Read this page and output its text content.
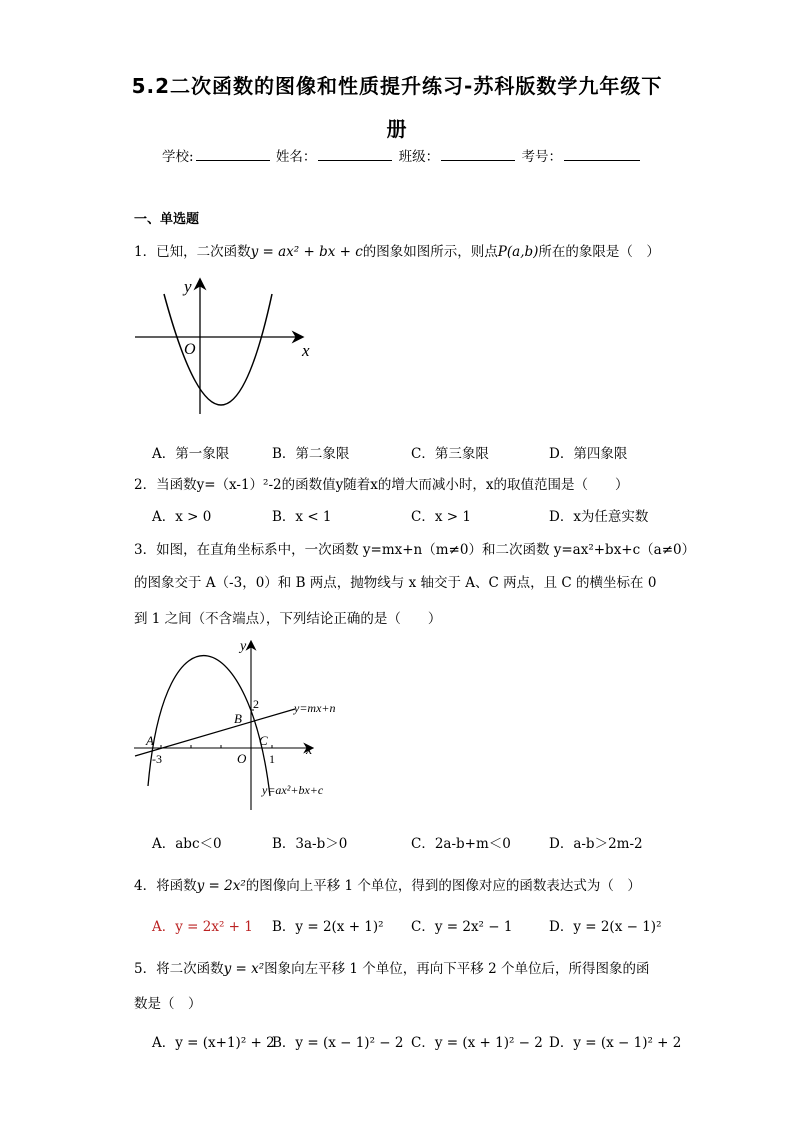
5.2二次函数的图像和性质提升练习-苏科版数学九年级下
册
学校:	姓名：	班级：	考号：
一、单选题
1．已知，二次函数y = ax² + bx + c的图象如图所示，则点P(a,b)所在的象限是（　）
y
x
O
A．第一象限	B．第二象限	C．第三象限	D．第四象限
2．当函数y=（x-1）²-2的函数值y随着x的增大而减小时，x的取值范围是（　　）
A．x > 0	B．x < 1	C．x > 1	D．x为任意实数
3．如图，在直角坐标系中，一次函数 y=mx+n（m≠0）和二次函数 y=ax²+bx+c（a≠0）
的图象交于 A（-3，0）和 B 两点，抛物线与 x 轴交于 A、C 两点，且 C 的横坐标在 0
到 1 之间（不含端点），下列结论正确的是（　　）
y
x
O
A
B
C
-3	1
2	y=mx+n
y=ax²+bx+c
A．abc＜0	B．3a-b＞0	C．2a-b+m＜0	D．a-b＞2m-2
4．将函数y = 2x²的图像向上平移 1 个单位，得到的图像对应的函数表达式为（　）
A．y = 2x² + 1 B．y = 2(x + 1)² C．y = 2x² − 1	D．y = 2(x − 1)²
5．将二次函数y = x²图象向左平移 1 个单位，再向下平移 2 个单位后，所得图象的函
数是（　）
A．y = (x+1)² + 2
B．y = (x − 1)² − 2 C．y = (x + 1)² − 2 D．y = (x − 1)² + 2
